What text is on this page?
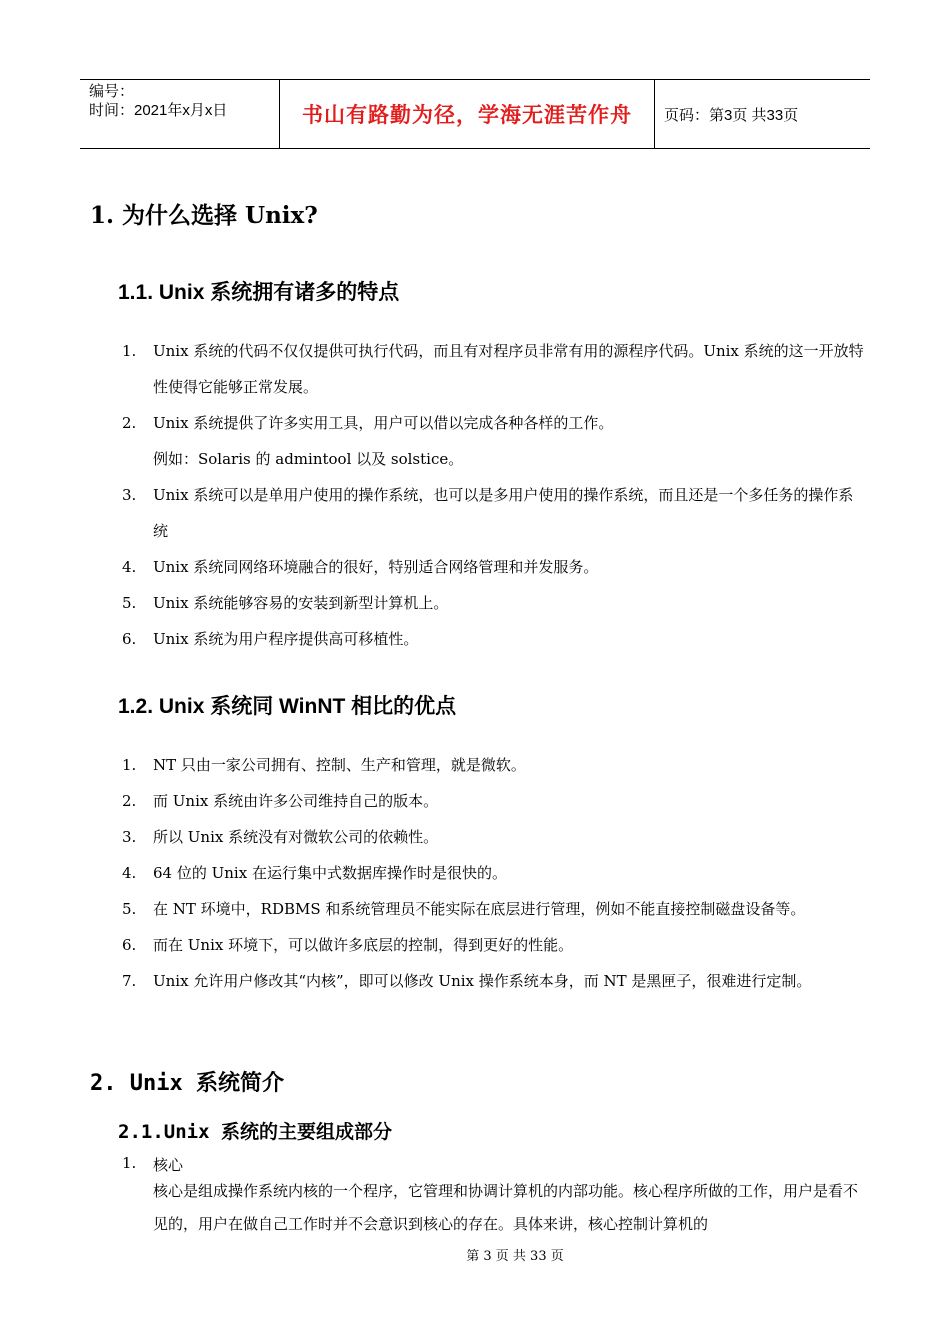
编号：
时间：2021年x月x日	书山有路勤为径，学海无涯苦作舟	页码：第3页 共33页
1. 为什么选择 Unix?
1.1. Unix 系统拥有诸多的特点
1. Unix 系统的代码不仅仅提供可执行代码，而且有对程序员非常有用的源程序代码。Unix 系统的这一开放特性使得它能够正常发展。
2. Unix 系统提供了许多实用工具，用户可以借以完成各种各样的工作。
例如：Solaris 的 admintool 以及 solstice。
3. Unix 系统可以是单用户使用的操作系统，也可以是多用户使用的操作系统，而且还是一个多任务的操作系统
4. Unix 系统同网络环境融合的很好，特别适合网络管理和并发服务。
5. Unix 系统能够容易的安装到新型计算机上。
6. Unix 系统为用户程序提供高可移植性。
1.2. Unix 系统同 WinNT 相比的优点
1. NT 只由一家公司拥有、控制、生产和管理，就是微软。
2. 而 Unix 系统由许多公司维持自己的版本。
3. 所以 Unix 系统没有对微软公司的依赖性。
4. 64 位的 Unix 在运行集中式数据库操作时是很快的。
5. 在 NT 环境中，RDBMS 和系统管理员不能实际在底层进行管理，例如不能直接控制磁盘设备等。
6. 而在 Unix 环境下，可以做许多底层的控制，得到更好的性能。
7. Unix 允许用户修改其“内核”，即可以修改 Unix 操作系统本身，而 NT 是黑匣子，很难进行定制。
2. Unix 系统简介
2.1.Unix 系统的主要组成部分
1. 核心
核心是组成操作系统内核的一个程序，它管理和协调计算机的内部功能。核心程序所做的工作，用户是看不见的，用户在做自己工作时并不会意识到核心的存在。具体来讲，核心控制计算机的
第 3 页 共 33 页
